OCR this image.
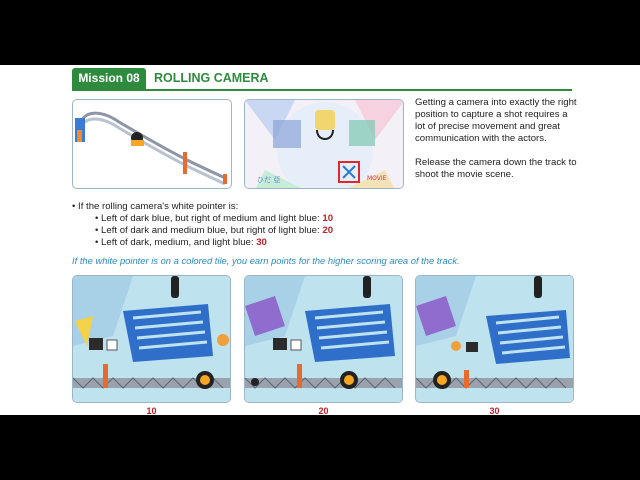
Mission 08	ROLLING CAMERA
ひだ 亞	MOVIE

Getting a camera into exactly the right position to capture a shot requires a lot of precise movement and great communication with the actors.

Release the camera down the track to shoot the movie scene.

• If the rolling camera's white pointer is:
• Left of dark blue, but right of medium and light blue: 10
• Left of dark and medium blue, but right of light blue: 20
• Left of dark, medium, and light blue: 30
If the white pointer is on a colored tile, you earn points for the higher scoring area of the track.
10	20	30
